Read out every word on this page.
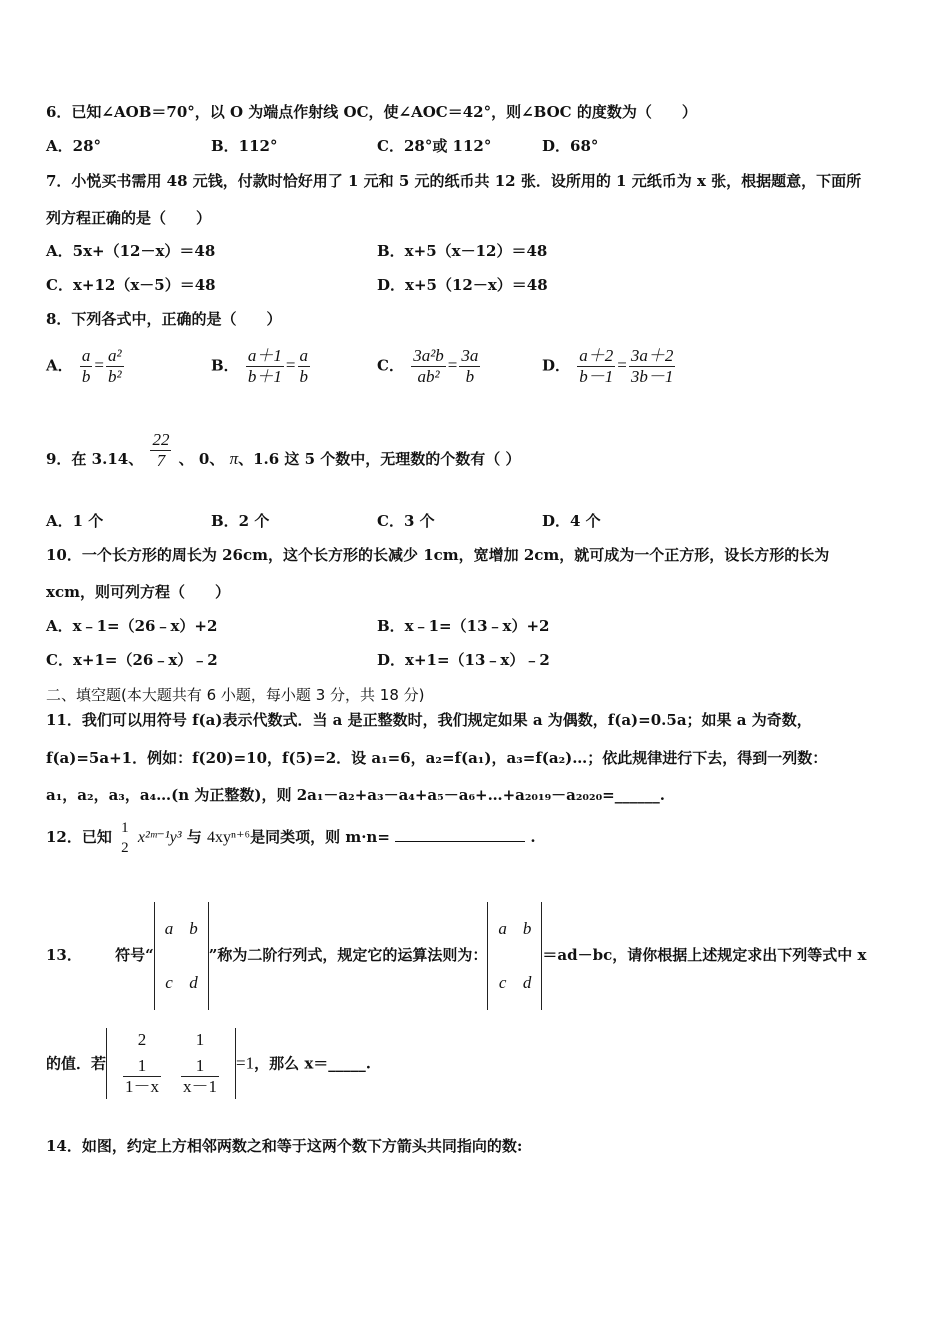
6．已知∠AOB＝70°，以 O 为端点作射线 OC，使∠AOC＝42°，则∠BOC 的度数为（　　）
A．28°	B．112°	C．28°或 112°	D．68°
7．小悦买书需用 48 元钱，付款时恰好用了 1 元和 5 元的纸币共 12 张．设所用的 1 元纸币为 x 张，根据题意，下面所
列方程正确的是（　　）
A．5x+（12－x）＝48	B．x+5（x－12）＝48
C．x+12（x－5）＝48	D．x+5（12－x）＝48
8．下列各式中，正确的是（　　）
A． $\frac{a}{b} = \frac{\text{a²}}{\text{b²}}$	B． $\frac{a+1}{b+1} = \frac{a}{b}$	C． $\frac{\text{3a²b}}{\text{ab²}} = \frac{3a}{b}$	D． $\frac{a+2}{b-1} = \frac{3a+2}{3b-1}$
9．在 3.14、 $\frac{22}{7}$ 、 0、 π、1.6 这 5 个数中，无理数的个数有（ ）
A．1 个	B．2 个	C．3 个	D．4 个
10．一个长方形的周长为 26cm，这个长方形的长减少 1cm，宽增加 2cm，就可成为一个正方形，设长方形的长为
xcm，则可列方程（　　）
A．x﹣1=（26﹣x）+2	B．x﹣1=（13﹣x）+2
C．x+1=（26﹣x）﹣2	D．x+1=（13﹣x）﹣2
二、填空题(本大题共有 6 小题，每小题 3 分，共 18 分)
11．我们可以用符号 f(a)表示代数式．当 a 是正整数时，我们规定如果 a 为偶数，f(a)=0.5a；如果 a 为奇数，
f(a)=5a+1．例如：f(20)=10，f(5)=2．设 a₁=6，a₂=f(a₁)，a₃=f(a₂)…；依此规律进行下去，得到一列数：
a₁，a₂，a₃，a₄…(n 为正整数)，则 2a₁－a₂+a₃－a₄+a₅－a₆+…+a₂₀₁₉－a₂₀₂₀=______.
12．已知 1
2
x²ᵐ⁻¹y³ 与 4xyⁿ⁺⁶是同类项，则 m·n=	.
13． 符号“
a	b
c	d
”称为二阶行列式，规定它的运算法则为：
a	b
c	d
＝ad－bc，请你根据上述规定求出下列等式中 x
的值．若
2	1

$\frac{1}{1-x}$	$\frac{1}{x-1} =1$，那么 x＝_____.
14．如图，约定上方相邻两数之和等于这两个数下方箭头共同指向的数:
